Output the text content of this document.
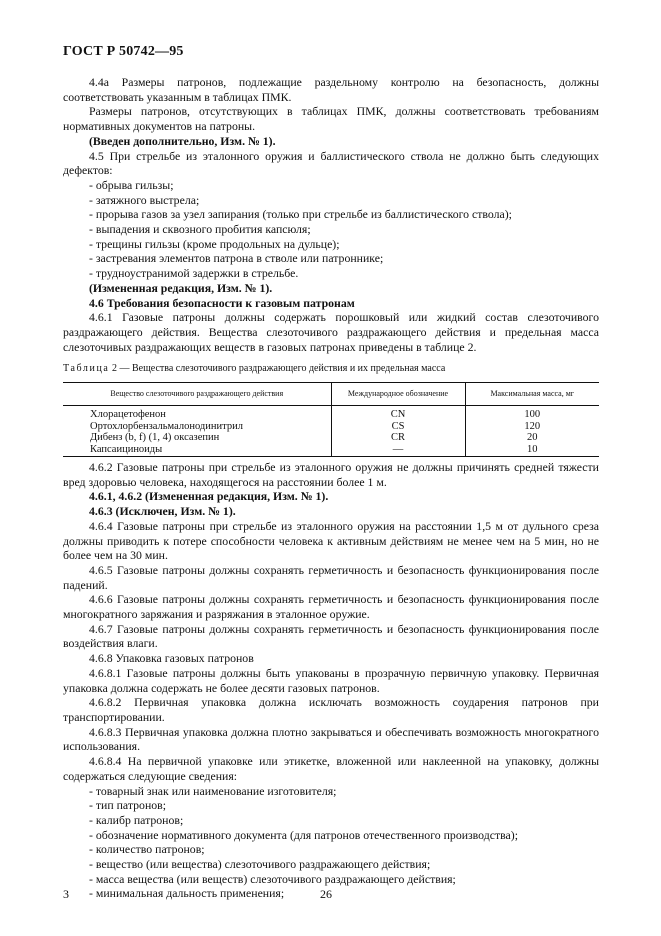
ГОСТ Р 50742—95

4.4а Размеры патронов, подлежащие раздельному контролю на безопасность, должны соответствовать указанным в таблицах ПМК.

Размеры патронов, отсутствующих в таблицах ПМК, должны соответствовать требованиям нормативных документов на патроны.

(Введен дополнительно, Изм. № 1).

4.5 При стрельбе из эталонного оружия и баллистического ствола не должно быть следующих дефектов:

- обрыва гильзы;

- затяжного выстрела;

- прорыва газов за узел запирания (только при стрельбе из баллистического ствола);

- выпадения и сквозного пробития капсюля;

- трещины гильзы (кроме продольных на дульце);

- застревания элементов патрона в стволе или патроннике;

- трудноустранимой задержки в стрельбе.

(Измененная редакция, Изм. № 1).

4.6 Требования безопасности к газовым патронам

4.6.1 Газовые патроны должны содержать порошковый или жидкий состав слезоточивого раздражающего действия. Вещества слезоточивого раздражающего действия и предельная масса слезоточивых раздражающих веществ в газовых патронах приведены в таблице 2.

Таблица 2 — Вещества слезоточивого раздражающего действия и их предельная масса
Вещество слезоточивого раздражающего действия	Международное обозначение	Максимальная масса, мг
Хлорацетофенон	CN	100
Ортохлорбензальмалонодинитрил	CS	120
Дибенз (b, f) (1, 4) оксазепин	CR	20
Капсаициноиды	—	10

4.6.2 Газовые патроны при стрельбе из эталонного оружия не должны причинять средней тяжести вред здоровью человека, находящегося на расстоянии более 1 м.

4.6.1, 4.6.2 (Измененная редакция, Изм. № 1).

4.6.3 (Исключен, Изм. № 1).

4.6.4 Газовые патроны при стрельбе из эталонного оружия на расстоянии 1,5 м от дульного среза должны приводить к потере способности человека к активным действиям не менее чем на 5 мин, но не более чем на 30 мин.

4.6.5 Газовые патроны должны сохранять герметичность и безопасность функционирования после падений.

4.6.6 Газовые патроны должны сохранять герметичность и безопасность функционирования после многократного заряжания и разряжания в эталонное оружие.

4.6.7 Газовые патроны должны сохранять герметичность и безопасность функционирования после воздействия влаги.

4.6.8 Упаковка газовых патронов

4.6.8.1 Газовые патроны должны быть упакованы в прозрачную первичную упаковку. Первичная упаковка должна содержать не более десяти газовых патронов.

4.6.8.2 Первичная упаковка должна исключать возможность соударения патронов при транспортировании.

4.6.8.3 Первичная упаковка должна плотно закрываться и обеспечивать возможность многократного использования.

4.6.8.4 На первичной упаковке или этикетке, вложенной или наклеенной на упаковку, должны содержаться следующие сведения:

- товарный знак или наименование изготовителя;

- тип патронов;

- калибр патронов;

- обозначение нормативного документа (для патронов отечественного производства);

- количество патронов;

- вещество (или вещества) слезоточивого раздражающего действия;

- масса вещества (или веществ) слезоточивого раздражающего действия;

- минимальная дальность применения;

3	26
